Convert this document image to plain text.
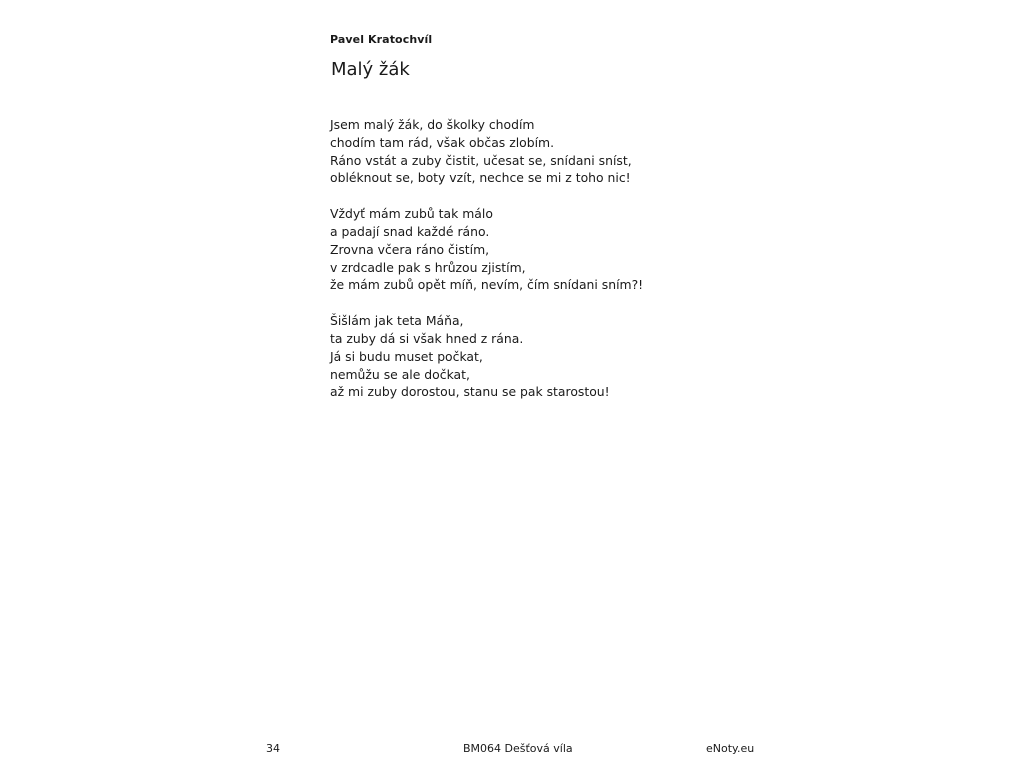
Pavel Kratochvíl
Malý žák
Jsem malý žák, do školky chodím
chodím tam rád, však občas zlobím.
Ráno vstát a zuby čistit, učesat se, snídani sníst,
obléknout se, boty vzít, nechce se mi z toho nic!
Vždyť mám zubů tak málo
a padají snad každé ráno.
Zrovna včera ráno čistím,
v zrdcadle pak s hrůzou zjistím,
že mám zubů opět míň, nevím, čím snídani sním?!
Šišlám jak teta Máňa,
ta zuby dá si však hned z rána.
Já si budu muset počkat,
nemůžu se ale dočkat,
až mi zuby dorostou, stanu se pak starostou!
34	BM064 Dešťová víla	eNoty.eu
